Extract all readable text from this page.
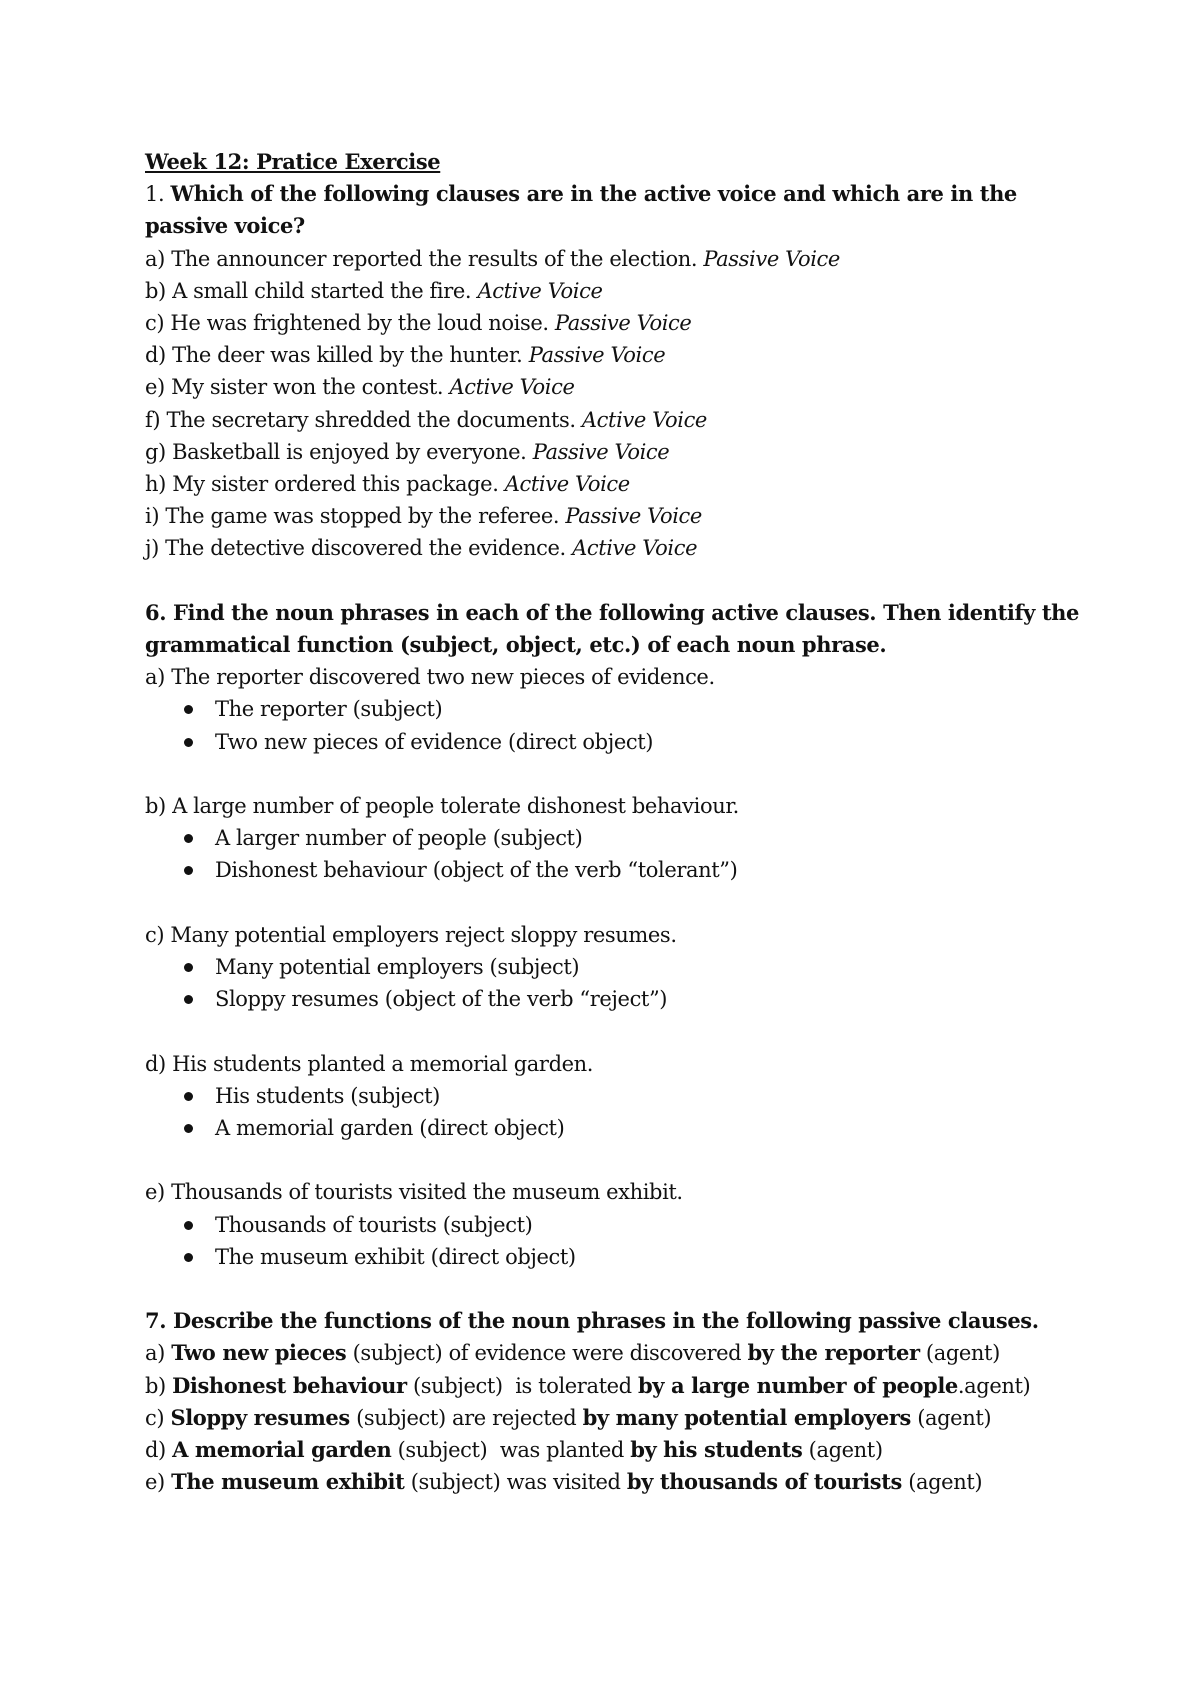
Week 12: Pratice Exercise
1. Which of the following clauses are in the active voice and which are in the passive voice?
a) The announcer reported the results of the election. Passive Voice
b) A small child started the fire. Active Voice
c) He was frightened by the loud noise. Passive Voice
d) The deer was killed by the hunter. Passive Voice
e) My sister won the contest. Active Voice
f) The secretary shredded the documents. Active Voice
g) Basketball is enjoyed by everyone. Passive Voice
h) My sister ordered this package. Active Voice
i) The game was stopped by the referee. Passive Voice
j) The detective discovered the evidence. Active Voice
6. Find the noun phrases in each of the following active clauses. Then identify the
grammatical function (subject, object, etc.) of each noun phrase.
a) The reporter discovered two new pieces of evidence.
The reporter (subject)
Two new pieces of evidence (direct object)
b) A large number of people tolerate dishonest behaviour.
A larger number of people (subject)
Dishonest behaviour (object of the verb “tolerant”)
c) Many potential employers reject sloppy resumes.
Many potential employers (subject)
Sloppy resumes (object of the verb “reject”)
d) His students planted a memorial garden.
His students (subject)
A memorial garden (direct object)
e) Thousands of tourists visited the museum exhibit.
Thousands of tourists (subject)
The museum exhibit (direct object)
7. Describe the functions of the noun phrases in the following passive clauses.
a) Two new pieces (subject) of evidence were discovered by the reporter (agent)
b) Dishonest behaviour (subject)  is tolerated by a large number of people.agent)
c) Sloppy resumes (subject) are rejected by many potential employers (agent)
d) A memorial garden (subject)  was planted by his students (agent)
e) The museum exhibit (subject) was visited by thousands of tourists (agent)
